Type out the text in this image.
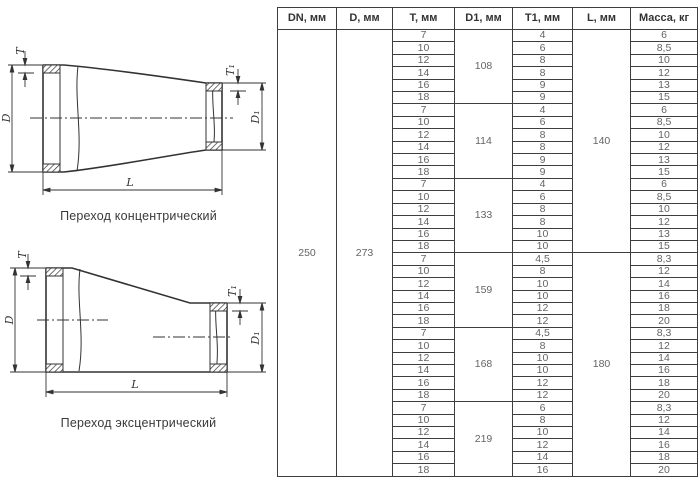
D	D₁
T
T₁
L
Переход концентрический
D
D₁
T
T₁
L
Переход эксцентрический
DN, мм	D, мм	T, мм	D1, мм	T1, мм	L, мм	Масса, кг
250	273	7	108	4	140	6
		10		6		8,5
		12		8		10
		14		8		12
		16		9		13
		18		9		15
		7	114	4		6
		10		6		8,5
		12		8		10
		14		8		12
		16		9		13
		18		9		15
		7	133	4		6
		10		6		8,5
		12		8		10
		14		8		12
		16		10		13
		18		10		15
		7	159	4,5	180	8,3
		10		8		12
		12		10		14
		14		10		16
		16		12		18
		18		12		20
		7	168	4,5		8,3
		10		8		12
		12		10		14
		14		10		16
		16		12		18
		18		12		20
		7	219	6		8,3
		10		8		12
		12		10		14
		14		12		16
		16		14		18
		18		16		20
